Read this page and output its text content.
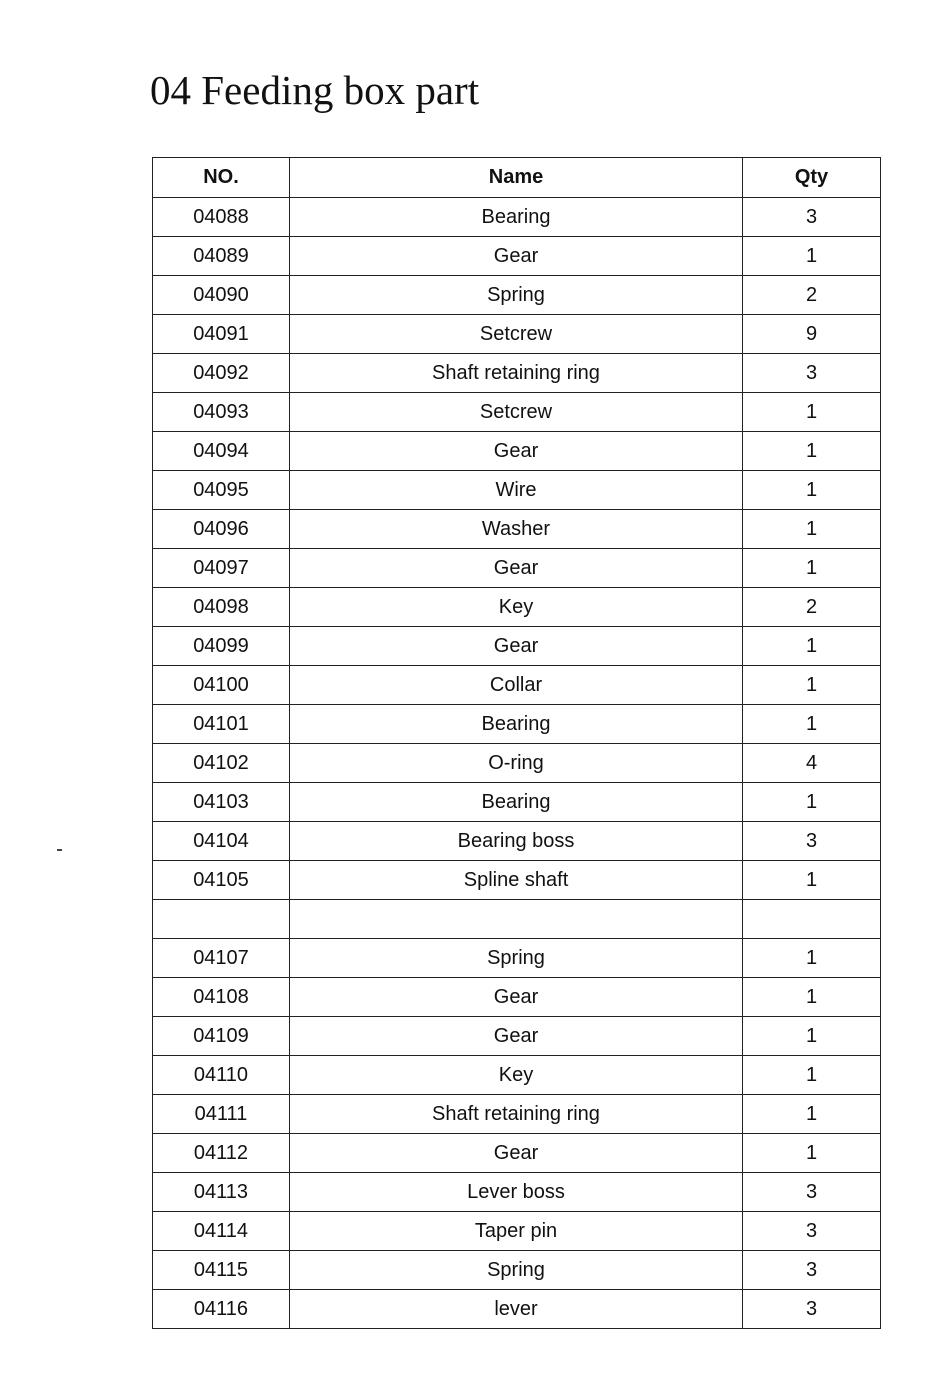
04 Feeding box part
NO.	Name	Qty
04088	Bearing	3
04089	Gear	1
04090	Spring	2
04091	Setcrew	9
04092	Shaft retaining ring	3
04093	Setcrew	1
04094	Gear	1
04095	Wire	1
04096	Washer	1
04097	Gear	1
04098	Key	2
04099	Gear	1
04100	Collar	1
04101	Bearing	1
04102	O-ring	4
04103	Bearing	1
04104	Bearing boss	3
04105	Spline shaft	1

04107	Spring	1
04108	Gear	1
04109	Gear	1
04110	Key	1
04111	Shaft retaining ring	1
04112	Gear	1
04113	Lever boss	3
04114	Taper pin	3
04115	Spring	3
04116	lever	3
